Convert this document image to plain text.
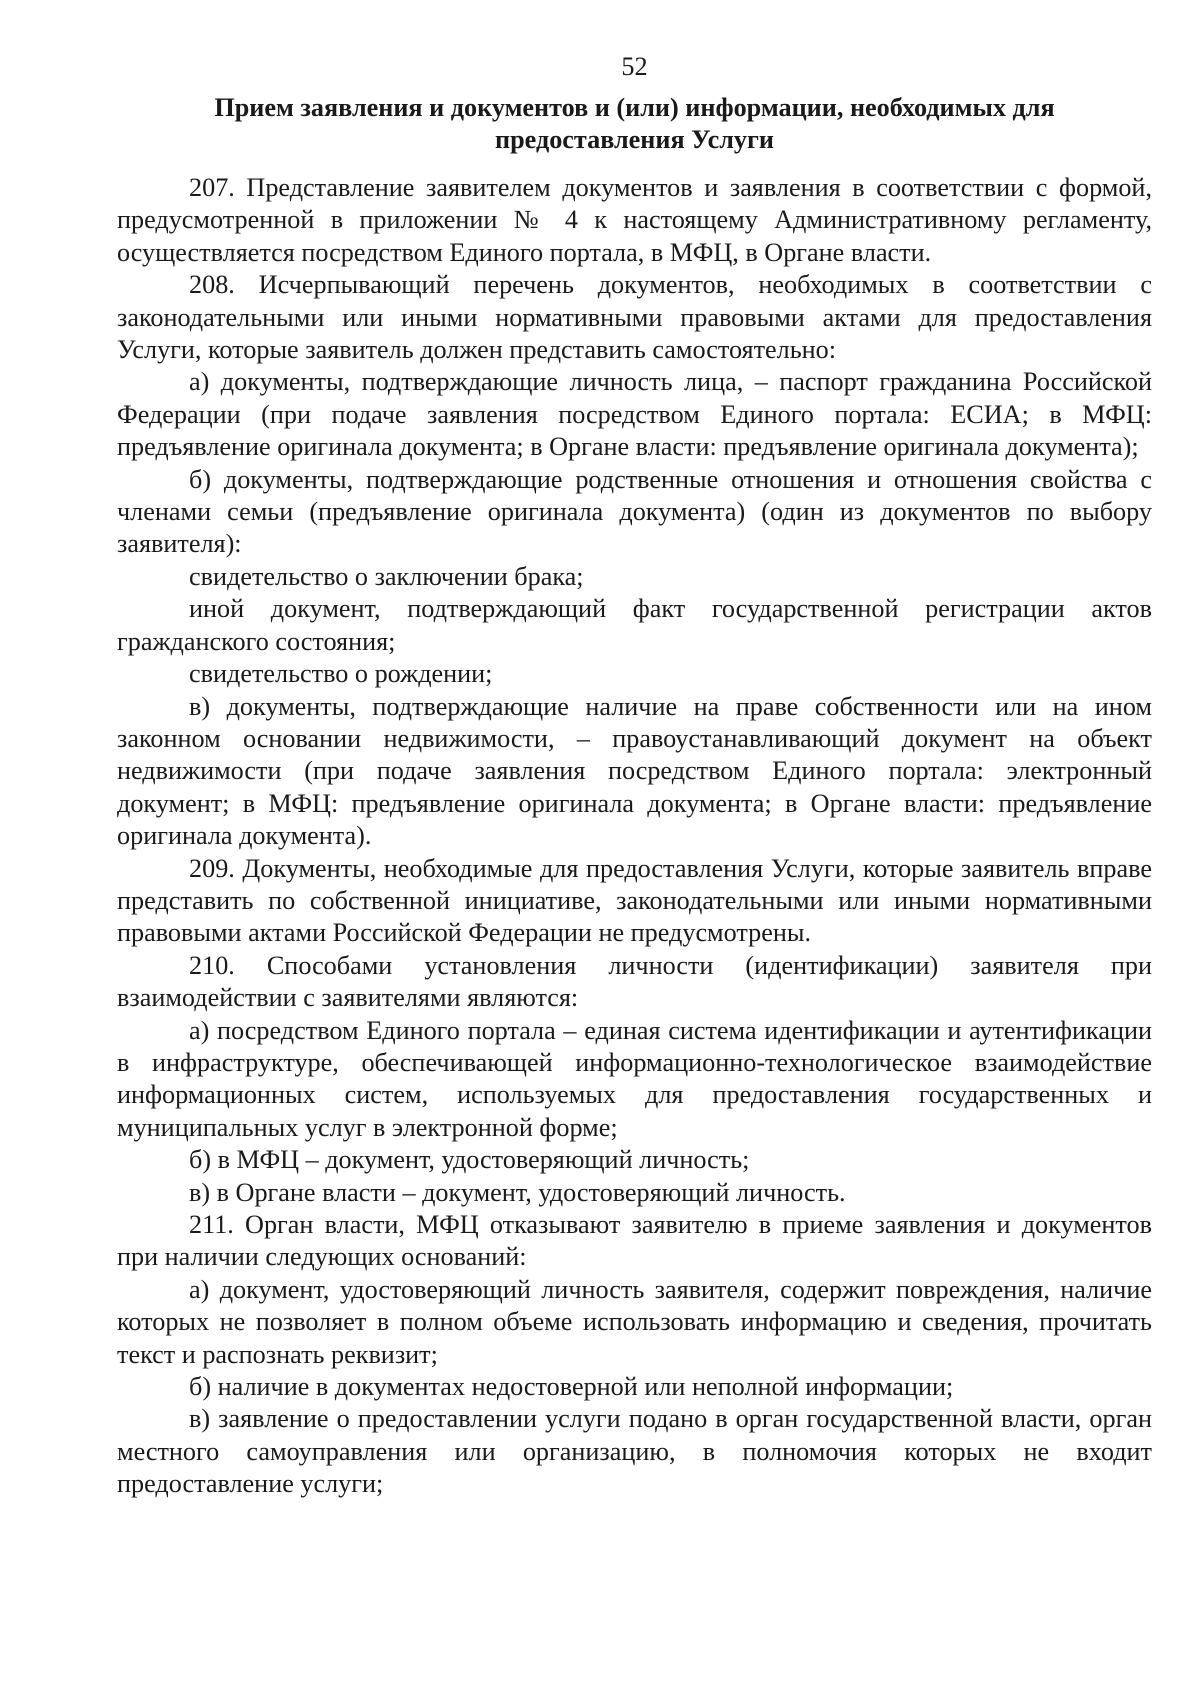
52
Прием заявления и документов и (или) информации, необходимых для
предоставления Услуги

207. Представление заявителем документов и заявления в соответствии с формой, предусмотренной в приложении № 4 к настоящему Административному регламенту, осуществляется посредством Единого портала, в МФЦ, в Органе власти.

208. Исчерпывающий перечень документов, необходимых в соответствии с законодательными или иными нормативными правовыми актами для предоставления Услуги, которые заявитель должен представить самостоятельно:

а) документы, подтверждающие личность лица, – паспорт гражданина Российской Федерации (при подаче заявления посредством Единого портала: ЕСИА; в МФЦ: предъявление оригинала документа; в Органе власти: предъявление оригинала документа);

б) документы, подтверждающие родственные отношения и отношения свойства с членами семьи (предъявление оригинала документа) (один из документов по выбору заявителя):

свидетельство о заключении брака;

иной документ, подтверждающий факт государственной регистрации актов гражданского состояния;

свидетельство о рождении;

в) документы, подтверждающие наличие на праве собственности или на ином законном основании недвижимости, – правоустанавливающий документ на объект недвижимости (при подаче заявления посредством Единого портала: электронный документ; в МФЦ: предъявление оригинала документа; в Органе власти: предъявление оригинала документа).

209. Документы, необходимые для предоставления Услуги, которые заявитель вправе представить по собственной инициативе, законодательными или иными нормативными правовыми актами Российской Федерации не предусмотрены.

210. Способами установления личности (идентификации) заявителя при взаимодействии с заявителями являются:

а) посредством Единого портала – единая система идентификации и аутентификации в инфраструктуре, обеспечивающей информационно-технологическое взаимодействие информационных систем, используемых для предоставления государственных и муниципальных услуг в электронной форме;

б) в МФЦ – документ, удостоверяющий личность;

в) в Органе власти – документ, удостоверяющий личность.

211. Орган власти, МФЦ отказывают заявителю в приеме заявления и документов при наличии следующих оснований:

а) документ, удостоверяющий личность заявителя, содержит повреждения, наличие которых не позволяет в полном объеме использовать информацию и сведения, прочитать текст и распознать реквизит;

б) наличие в документах недостоверной или неполной информации;

в) заявление о предоставлении услуги подано в орган государственной власти, орган местного самоуправления или организацию, в полномочия которых не входит предоставление услуги;
